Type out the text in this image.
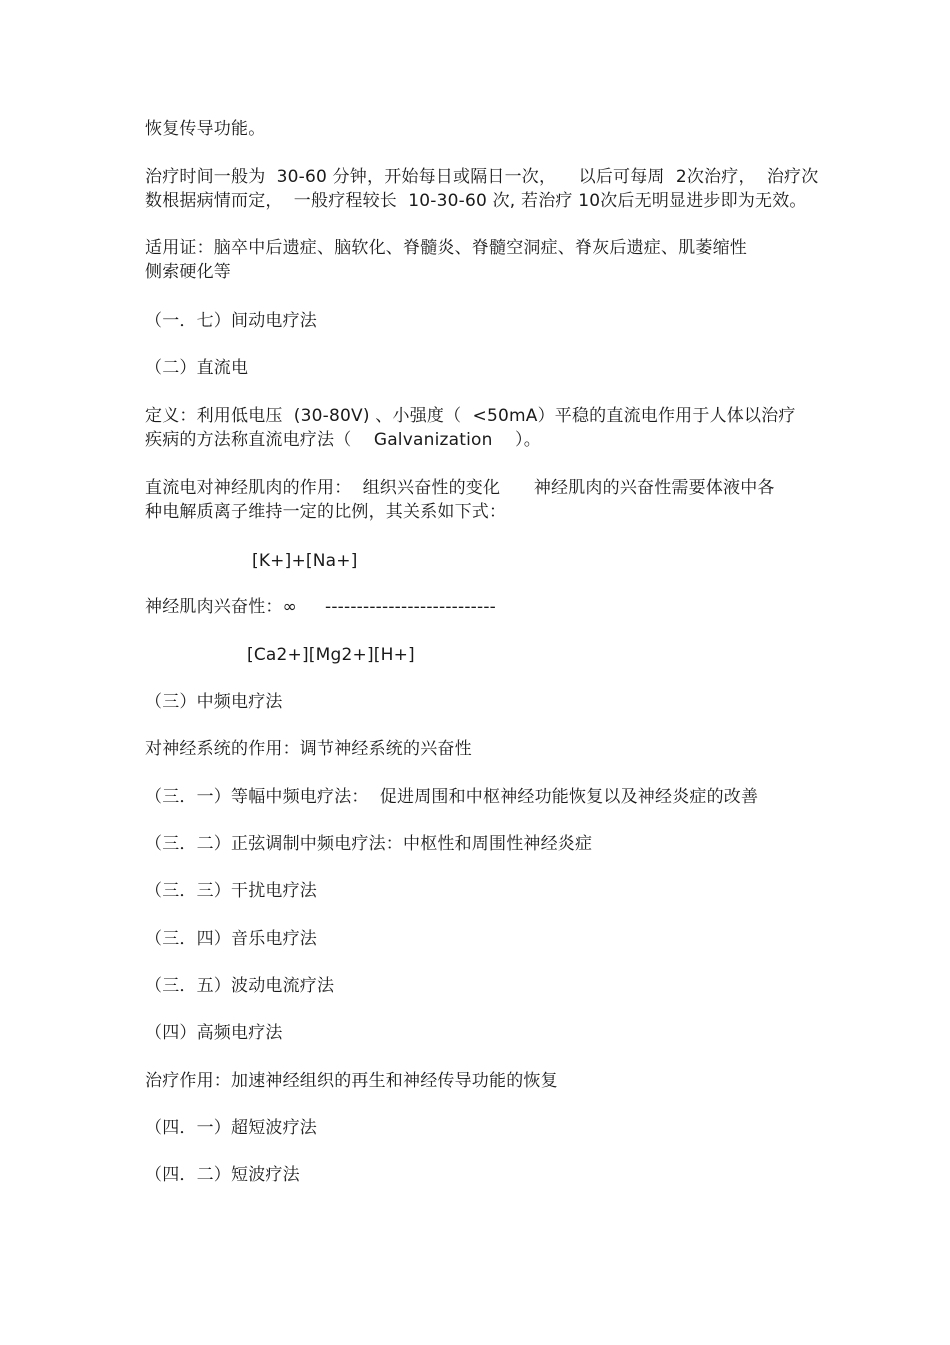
恢复传导功能。
治疗时间一般为  30-60 分钟，开始每日或隔日一次，    以后可每周  2次治疗，  治疗次
数根据病情而定，  一般疗程较长  10-30-60 次, 若治疗 10次后无明显进步即为无效。
适用证：脑卒中后遗症、脑软化、脊髓炎、脊髓空洞症、脊灰后遗症、肌萎缩性
侧索硬化等
（一．七）间动电疗法
（二）直流电
定义：利用低电压  (30-80V) 、小强度（  <50mA）平稳的直流电作用于人体以治疗
疾病的方法称直流电疗法（    Galvanization    ）。
直流电对神经肌肉的作用：  组织兴奋性的变化      神经肌肉的兴奋性需要体液中各
种电解质离子维持一定的比例，其关系如下式：
[K+]+[Na+]
神经肌肉兴奋性：∞     ---------------------------
[Ca2+][Mg2+][H+]
（三）中频电疗法
对神经系统的作用：调节神经系统的兴奋性
（三．一）等幅中频电疗法：  促进周围和中枢神经功能恢复以及神经炎症的改善
（三．二）正弦调制中频电疗法：中枢性和周围性神经炎症
（三．三）干扰电疗法
（三．四）音乐电疗法
（三．五）波动电流疗法
（四）高频电疗法
治疗作用：加速神经组织的再生和神经传导功能的恢复
（四．一）超短波疗法
（四．二）短波疗法
